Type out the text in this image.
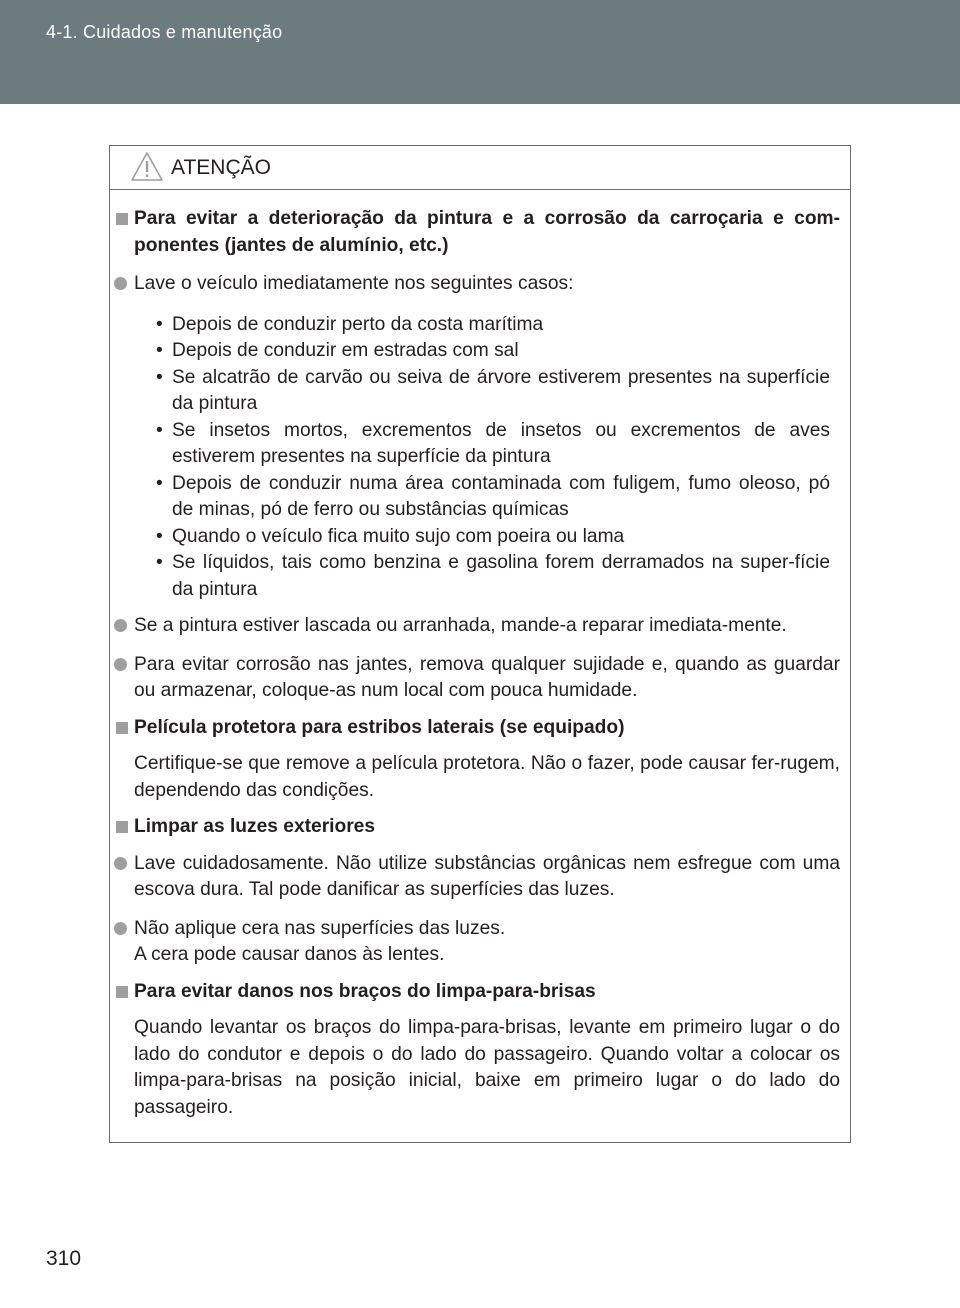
4-1. Cuidados e manutenção
ATENÇÃO
Para evitar a deterioração da pintura e a corrosão da carroçaria e com-ponentes (jantes de alumínio, etc.)
Lave o veículo imediatamente nos seguintes casos:
• Depois de conduzir perto da costa marítima
• Depois de conduzir em estradas com sal
• Se alcatrão de carvão ou seiva de árvore estiverem presentes na superfície da pintura
• Se insetos mortos, excrementos de insetos ou excrementos de aves estiverem presentes na superfície da pintura
• Depois de conduzir numa área contaminada com fuligem, fumo oleoso, pó de minas, pó de ferro ou substâncias químicas
• Quando o veículo fica muito sujo com poeira ou lama
• Se líquidos, tais como benzina e gasolina forem derramados na super-fície da pintura
Se a pintura estiver lascada ou arranhada, mande-a reparar imediata-mente.
Para evitar corrosão nas jantes, remova qualquer sujidade e, quando as guardar ou armazenar, coloque-as num local com pouca humidade.
Película protetora para estribos laterais (se equipado)
Certifique-se que remove a película protetora. Não o fazer, pode causar fer-rugem, dependendo das condições.
Limpar as luzes exteriores
Lave cuidadosamente. Não utilize substâncias orgânicas nem esfregue com uma escova dura. Tal pode danificar as superfícies das luzes.
Não aplique cera nas superfícies das luzes.
A cera pode causar danos às lentes.
Para evitar danos nos braços do limpa-para-brisas
Quando levantar os braços do limpa-para-brisas, levante em primeiro lugar o do lado do condutor e depois o do lado do passageiro. Quando voltar a colocar os limpa-para-brisas na posição inicial, baixe em primeiro lugar o do lado do passageiro.
310
